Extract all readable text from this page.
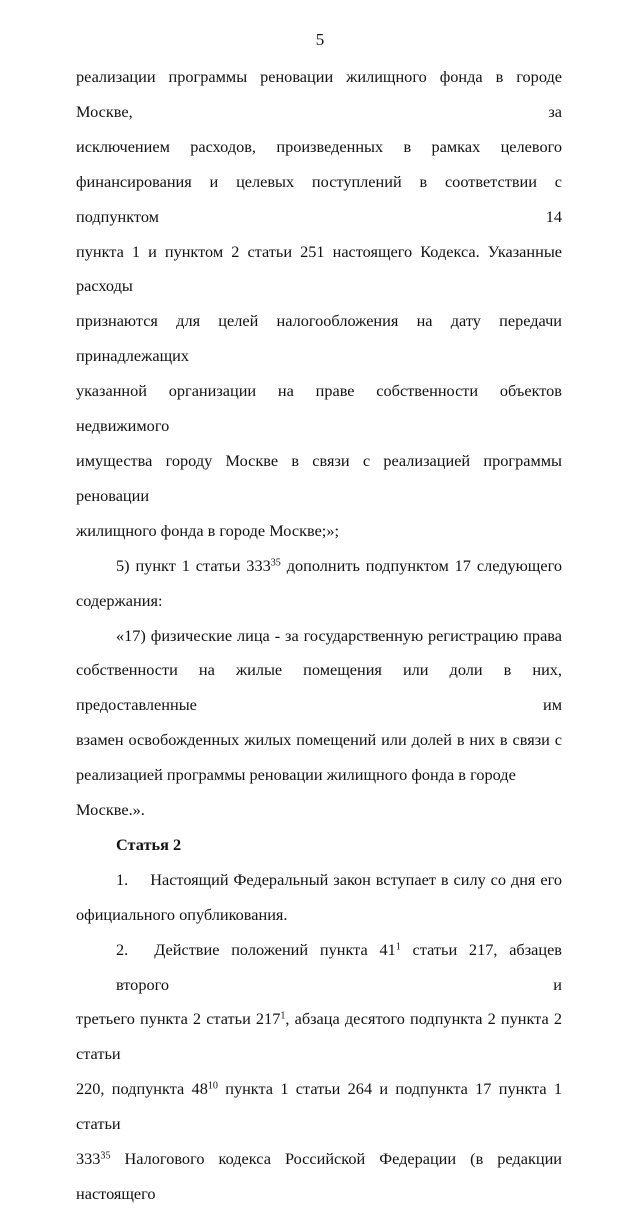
5

реализации программы реновации жилищного фонда в городе Москве, за
исключением расходов, произведенных в рамках целевого
финансирования и целевых поступлений в соответствии с подпунктом 14
пункта 1 и пунктом 2 статьи 251 настоящего Кодекса. Указанные расходы
признаются для целей налогообложения на дату передачи принадлежащих
указанной организации на праве собственности объектов недвижимого
имущества городу Москве в связи с реализацией программы реновации
жилищного фонда в городе Москве;»;

5) пункт 1 статьи $333^{35}$ дополнить подпунктом 17 следующего
содержания:

«17) физические лица - за государственную регистрацию права
собственности на жилые помещения или доли в них, предоставленные им
взамен освобожденных жилых помещений или долей в них в связи с
реализацией программы реновации жилищного фонда в городе Москве.».

Статья 2

1. Настоящий Федеральный закон вступает в силу со дня его
официального опубликования.

2. Действие положений пункта $41^1$ статьи 217, абзацев второго и
третьего пункта 2 статьи $217^1$, абзаца десятого подпункта 2 пункта 2 статьи
220, подпункта $48^{10}$ пункта 1 статьи 264 и подпункта 17 пункта 1 статьи
$333^{35}$ Налогового кодекса Российской Федерации (в редакции настоящего
